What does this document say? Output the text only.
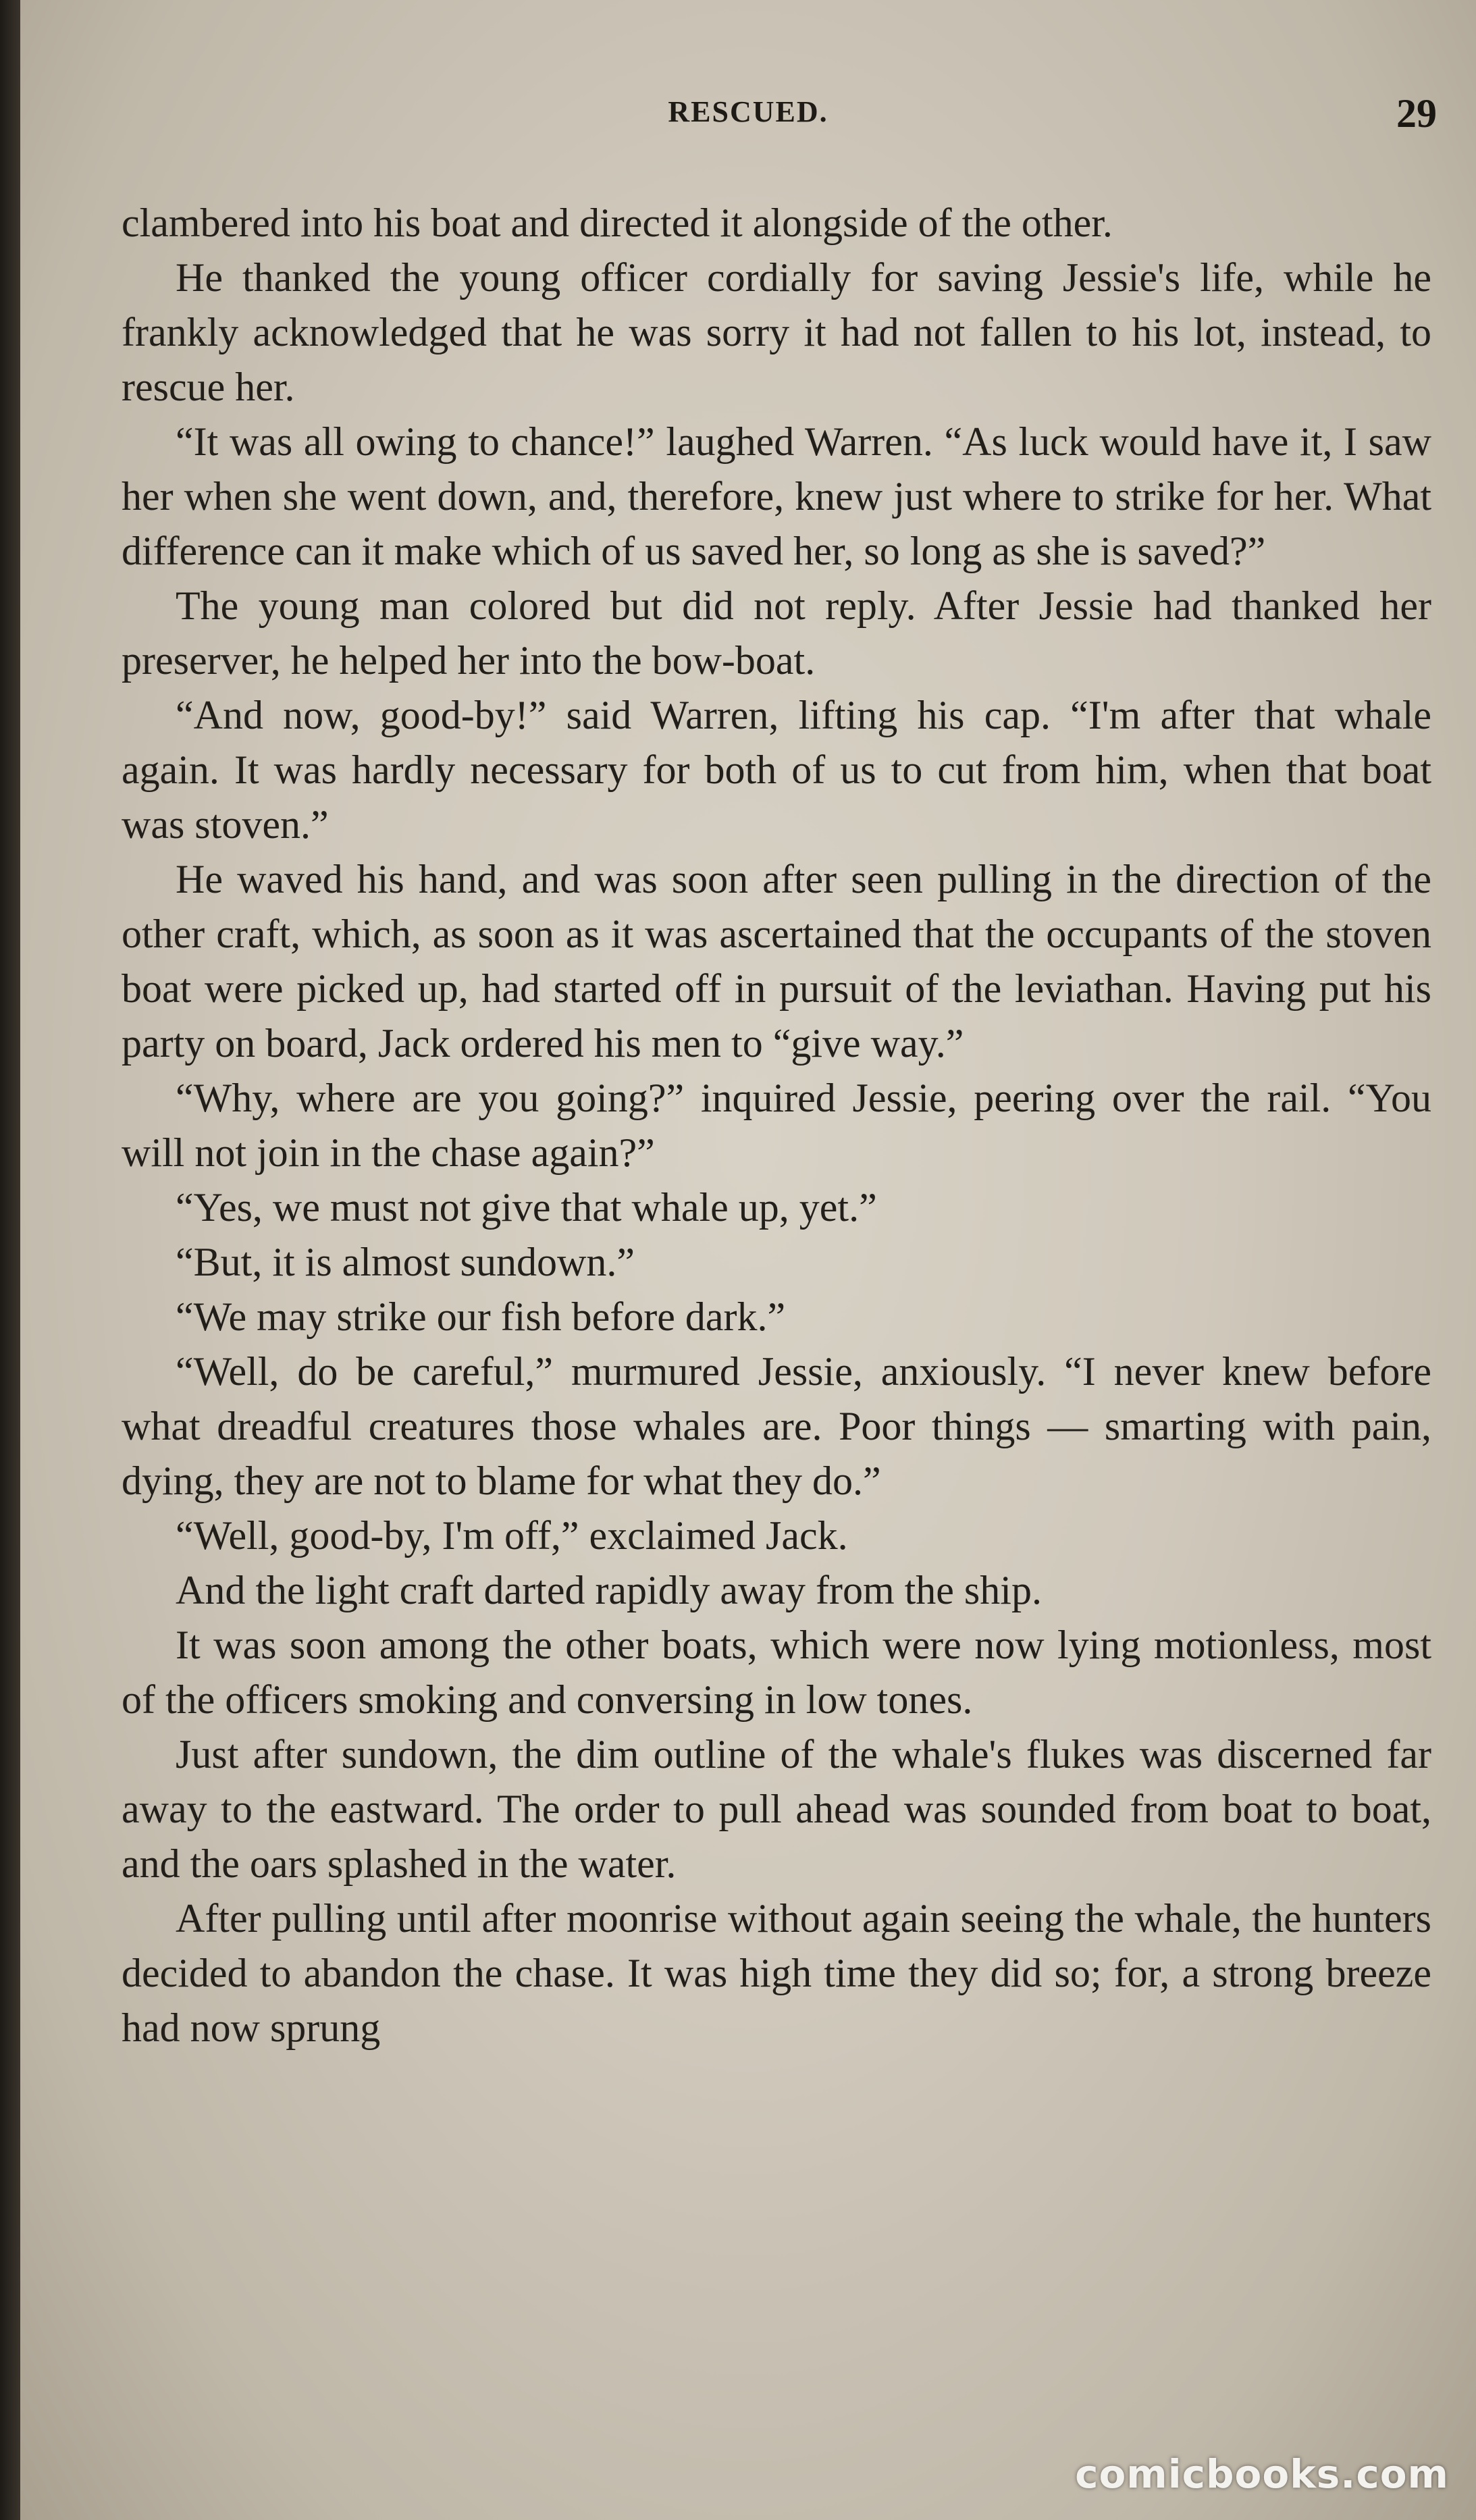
RESCUED.	29

clambered into his boat and directed it alongside of the other.

He thanked the young officer cordially for saving Jessie's life, while he frankly acknowledged that he was sorry it had not fallen to his lot, instead, to rescue her.

“It was all owing to chance!” laughed Warren. “As luck would have it, I saw her when she went down, and, therefore, knew just where to strike for her. What difference can it make which of us saved her, so long as she is saved?”

The young man colored but did not reply. After Jessie had thanked her preserver, he helped her into the bow-boat.

“And now, good-by!” said Warren, lifting his cap. “I'm after that whale again. It was hardly necessary for both of us to cut from him, when that boat was stoven.”

He waved his hand, and was soon after seen pulling in the direction of the other craft, which, as soon as it was ascertained that the occupants of the stoven boat were picked up, had started off in pursuit of the leviathan. Having put his party on board, Jack ordered his men to “give way.”

“Why, where are you going?” inquired Jessie, peering over the rail. “You will not join in the chase again?”

“Yes, we must not give that whale up, yet.”

“But, it is almost sundown.”

“We may strike our fish before dark.”

“Well, do be careful,” murmured Jessie, anxiously. “I never knew before what dreadful creatures those whales are. Poor things — smarting with pain, dying, they are not to blame for what they do.”

“Well, good-by, I'm off,” exclaimed Jack.

And the light craft darted rapidly away from the ship.

It was soon among the other boats, which were now lying motionless, most of the officers smoking and conversing in low tones.

Just after sundown, the dim outline of the whale's flukes was discerned far away to the eastward. The order to pull ahead was sounded from boat to boat, and the oars splashed in the water.

After pulling until after moonrise without again seeing the whale, the hunters decided to abandon the chase. It was high time they did so; for, a strong breeze had now sprung

comicbooks.com
